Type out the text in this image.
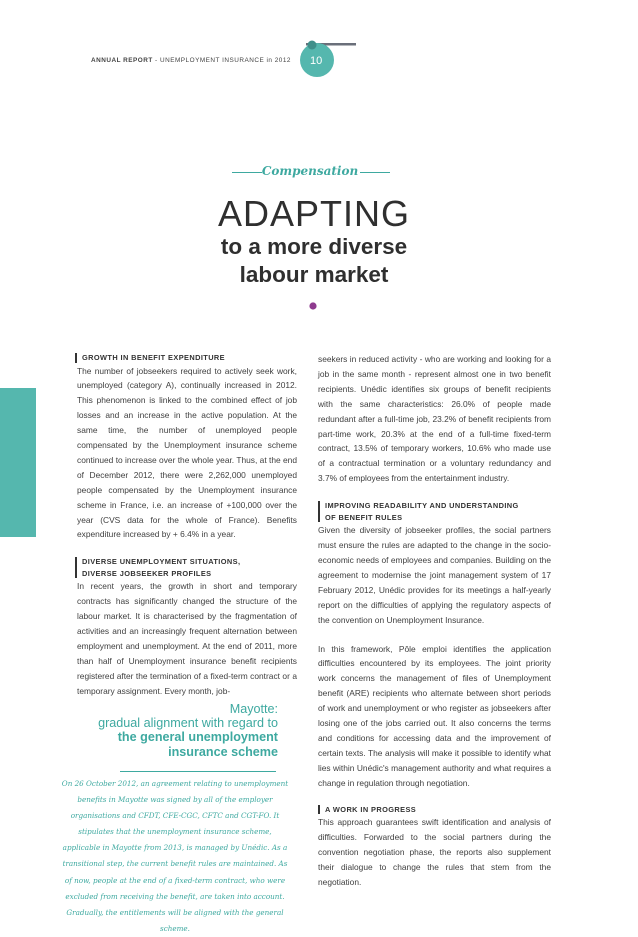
ANNUAL REPORT - UNEMPLOYMENT INSURANCE in 2012 10
Compensation
ADAPTING
to a more diverse
labour market
GROWTH IN BENEFIT EXPENDITURE

The number of jobseekers required to actively seek work, unemployed (category A), continually increased in 2012. This phenomenon is linked to the combined effect of job losses and an increase in the active population. At the same time, the number of unemployed people compensated by the Unemployment insurance scheme continued to increase over the whole year. Thus, at the end of December 2012, there were 2,262,000 unemployed people compensated by the Unemployment insurance scheme in France, i.e. an increase of +100,000 over the year (CVS data for the whole of France). Benefits expenditure increased by + 6.4% in a year.

DIVERSE UNEMPLOYMENT SITUATIONS,
DIVERSE JOBSEEKER PROFILES

In recent years, the growth in short and temporary contracts has significantly changed the structure of the labour market. It is characterised by the fragmentation of activities and an increasingly frequent alternation between employment and unemployment. At the end of 2011, more than half of Unemployment insurance benefit recipients registered after the termination of a fixed-term contract or a temporary assignment. Every month, job-

Mayotte:
gradual alignment with regard to
the general unemployment
insurance scheme
On 26 October 2012, an agreement relating to unemployment benefits in Mayotte was signed by all of the employer organisations and CFDT, CFE-CGC, CFTC and CGT-FO. It stipulates that the unemployment insurance scheme, applicable in Mayotte from 2013, is managed by Unédic. As a transitional step, the current benefit rules are maintained. As of now, people at the end of a fixed-term contract, who were excluded from receiving the benefit, are taken into account. Gradually, the entitlements will be aligned with the general scheme.

seekers in reduced activity - who are working and looking for a job in the same month - represent almost one in two benefit recipients. Unédic identifies six groups of benefit recipients with the same characteristics: 26.0% of people made redundant after a full-time job, 23.2% of benefit recipients from part-time work, 20.3% at the end of a full-time fixed-term contract, 13.5% of temporary workers, 10.6% who made use of a contractual termination or a voluntary redundancy and 3.7% of employees from the entertainment industry.

IMPROVING READABILITY AND UNDERSTANDING
OF BENEFIT RULES

Given the diversity of jobseeker profiles, the social partners must ensure the rules are adapted to the change in the socio-economic needs of employees and companies. Building on the agreement to modernise the joint management system of 17 February 2012, Unédic provides for its meetings a half-yearly report on the difficulties of applying the regulatory aspects of the convention on Unemployment Insurance.

In this framework, Pôle emploi identifies the application difficulties encountered by its employees. The joint priority work concerns the management of files of Unemployment benefit (ARE) recipients who alternate between short periods of work and unemployment or who register as jobseekers after losing one of the jobs carried out. It also concerns the terms and conditions for accessing data and the improvement of certain texts. The analysis will make it possible to identify what lies within Unédic's management authority and what requires a change in regulation through negotiation.

A WORK IN PROGRESS

This approach guarantees swift identification and analysis of difficulties. Forwarded to the social partners during the convention negotiation phase, the reports also supplement their dialogue to change the rules that stem from the negotiation.
